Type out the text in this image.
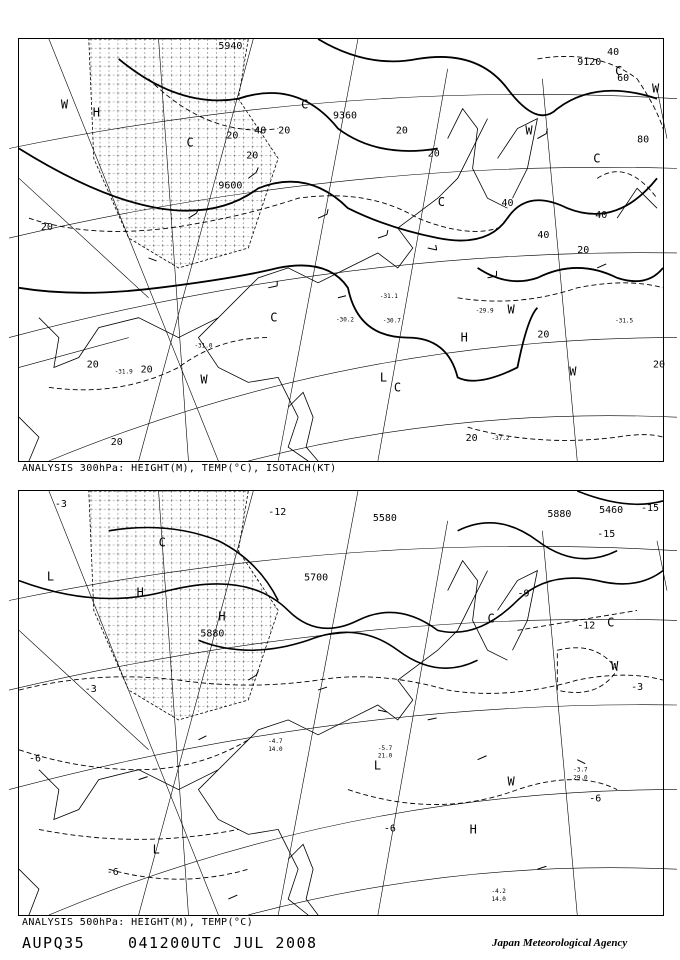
5940
9120
9360
9600
20
20	20
20
20
20
20
20
20
20
20
20
40
40
40
40
40
60
80
20
-29.9
-31.5
-31.1
-30.7
-31.0
-31.9
-30.2
-37.2
W
W
H
W
C
C
C
C
C
L
H
W
C
W
C
W
ANALYSIS 300hPa: HEIGHT(M), TEMP(°C), ISOTACH(KT)
5580
5460
5700
5880
5880
-3
-3	-3
-6
-6
-6
-6
-12
-12
-15
-15
-9
-4.7
14.0	-5.7
21.0
-4.2
14.0
-3.7
29.0
L
H
L
W
W
H
L
H
C
C
C
ANALYSIS 500hPa: HEIGHT(M), TEMP(°C)
AUPQ35	041200UTC JUL 2008	Japan Meteorological Agency
